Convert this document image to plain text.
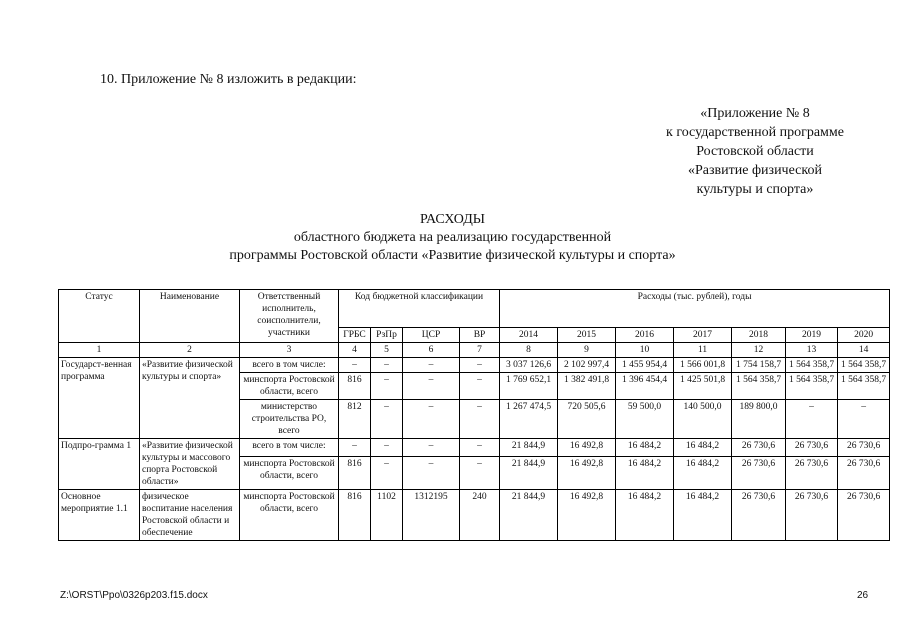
10. Приложение № 8 изложить в редакции:
«Приложение № 8
к государственной программе
Ростовской области
«Развитие физической
культуры и спорта»
РАСХОДЫ
областного бюджета на реализацию государственной
программы Ростовской области «Развитие физической культуры и спорта»
Статус	Наименование	Ответственный исполнитель, соисполнители, участники	Код бюджетной классификации				Расходы (тыс. рублей), годы						
			ГРБС	РзПр	ЦСР	ВР	2014	2015	2016	2017	2018	2019	2020
1	2	3	4	5	6	7	8	9	10	11	12	13	14
Государст-венная программа	«Развитие физической культуры и спорта»	всего в том числе:	–	–	–	–	3 037 126,6	2 102 997,4	1 455 954,4	1 566 001,8	1 754 158,7	1 564 358,7	1 564 358,7
		минспорта Ростовской области, всего	816	–	–	–	1 769 652,1	1 382 491,8	1 396 454,4	1 425 501,8	1 564 358,7	1 564 358,7	1 564 358,7
		министерство строительства РО, всего	812	–	–	–	1 267 474,5	720 505,6	59 500,0	140 500,0	189 800,0	–	–
Подпро-грамма 1	«Развитие физической культуры и массового спорта Ростовской области»	всего в том числе:	–	–	–	–	21 844,9	16 492,8	16 484,2	16 484,2	26 730,6	26 730,6	26 730,6
		минспорта Ростовской области, всего	816	–	–	–	21 844,9	16 492,8	16 484,2	16 484,2	26 730,6	26 730,6	26 730,6
Основное мероприятие 1.1	физическое воспитание населения Ростовской области и обеспечение	минспорта Ростовской области, всего	816	1102	1312195	240	21 844,9	16 492,8	16 484,2	16 484,2	26 730,6	26 730,6	26 730,6
Z:\ORST\Ppo\0326p203.f15.docx	26
